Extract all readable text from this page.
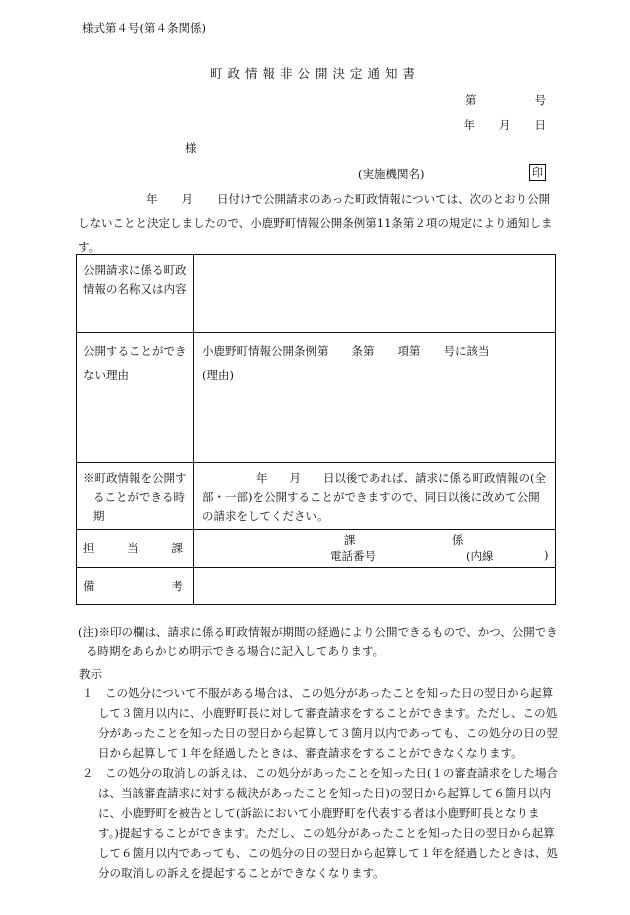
様式第４号(第４条関係)
町政情報非公開決定通知書
第	号
年 月 日
様
(実施機関名)	印
年 月 日付けで公開請求のあった町政情報については、次のとおり公開しないことと決定しましたので、小鹿野町情報公開条例第11条第２項の規定により通知します。
公開請求に係る町政情報の名称又は内容	
公開することができない理由	小鹿野町情報公開条例第　　条第　　項第　　号に該当
(理由)

※町政情報を公開することができる時期	年 月 日以後であれば、請求に係る町政情報の(全部・一部)を公開することができますので、同日以後に改めて公開の請求をしてください。

担 当 課	課 係
電話番号 (内線 )

備 考	

(注)※印の欄は、請求に係る町政情報が期間の経過により公開できるもので、かつ、公開できる時期をあらかじめ明示できる場合に記入してあります。
教示
１　この処分について不服がある場合は、この処分があったことを知った日の翌日から起算して３箇月以内に、小鹿野町長に対して審査請求をすることができます。ただし、この処分があったことを知った日の翌日から起算して３箇月以内であっても、この処分の日の翌日から起算して１年を経過したときは、審査請求をすることができなくなります。
２　この処分の取消しの訴えは、この処分があったことを知った日(１の審査請求をした場合は、当該審査請求に対する裁決があったことを知った日)の翌日から起算して６箇月以内に、小鹿野町を被告として(訴訟において小鹿野町を代表する者は小鹿野町長となります。)提起することができます。ただし、この処分があったことを知った日の翌日から起算して６箇月以内であっても、この処分の日の翌日から起算して１年を経過したときは、処分の取消しの訴えを提起することができなくなります。
